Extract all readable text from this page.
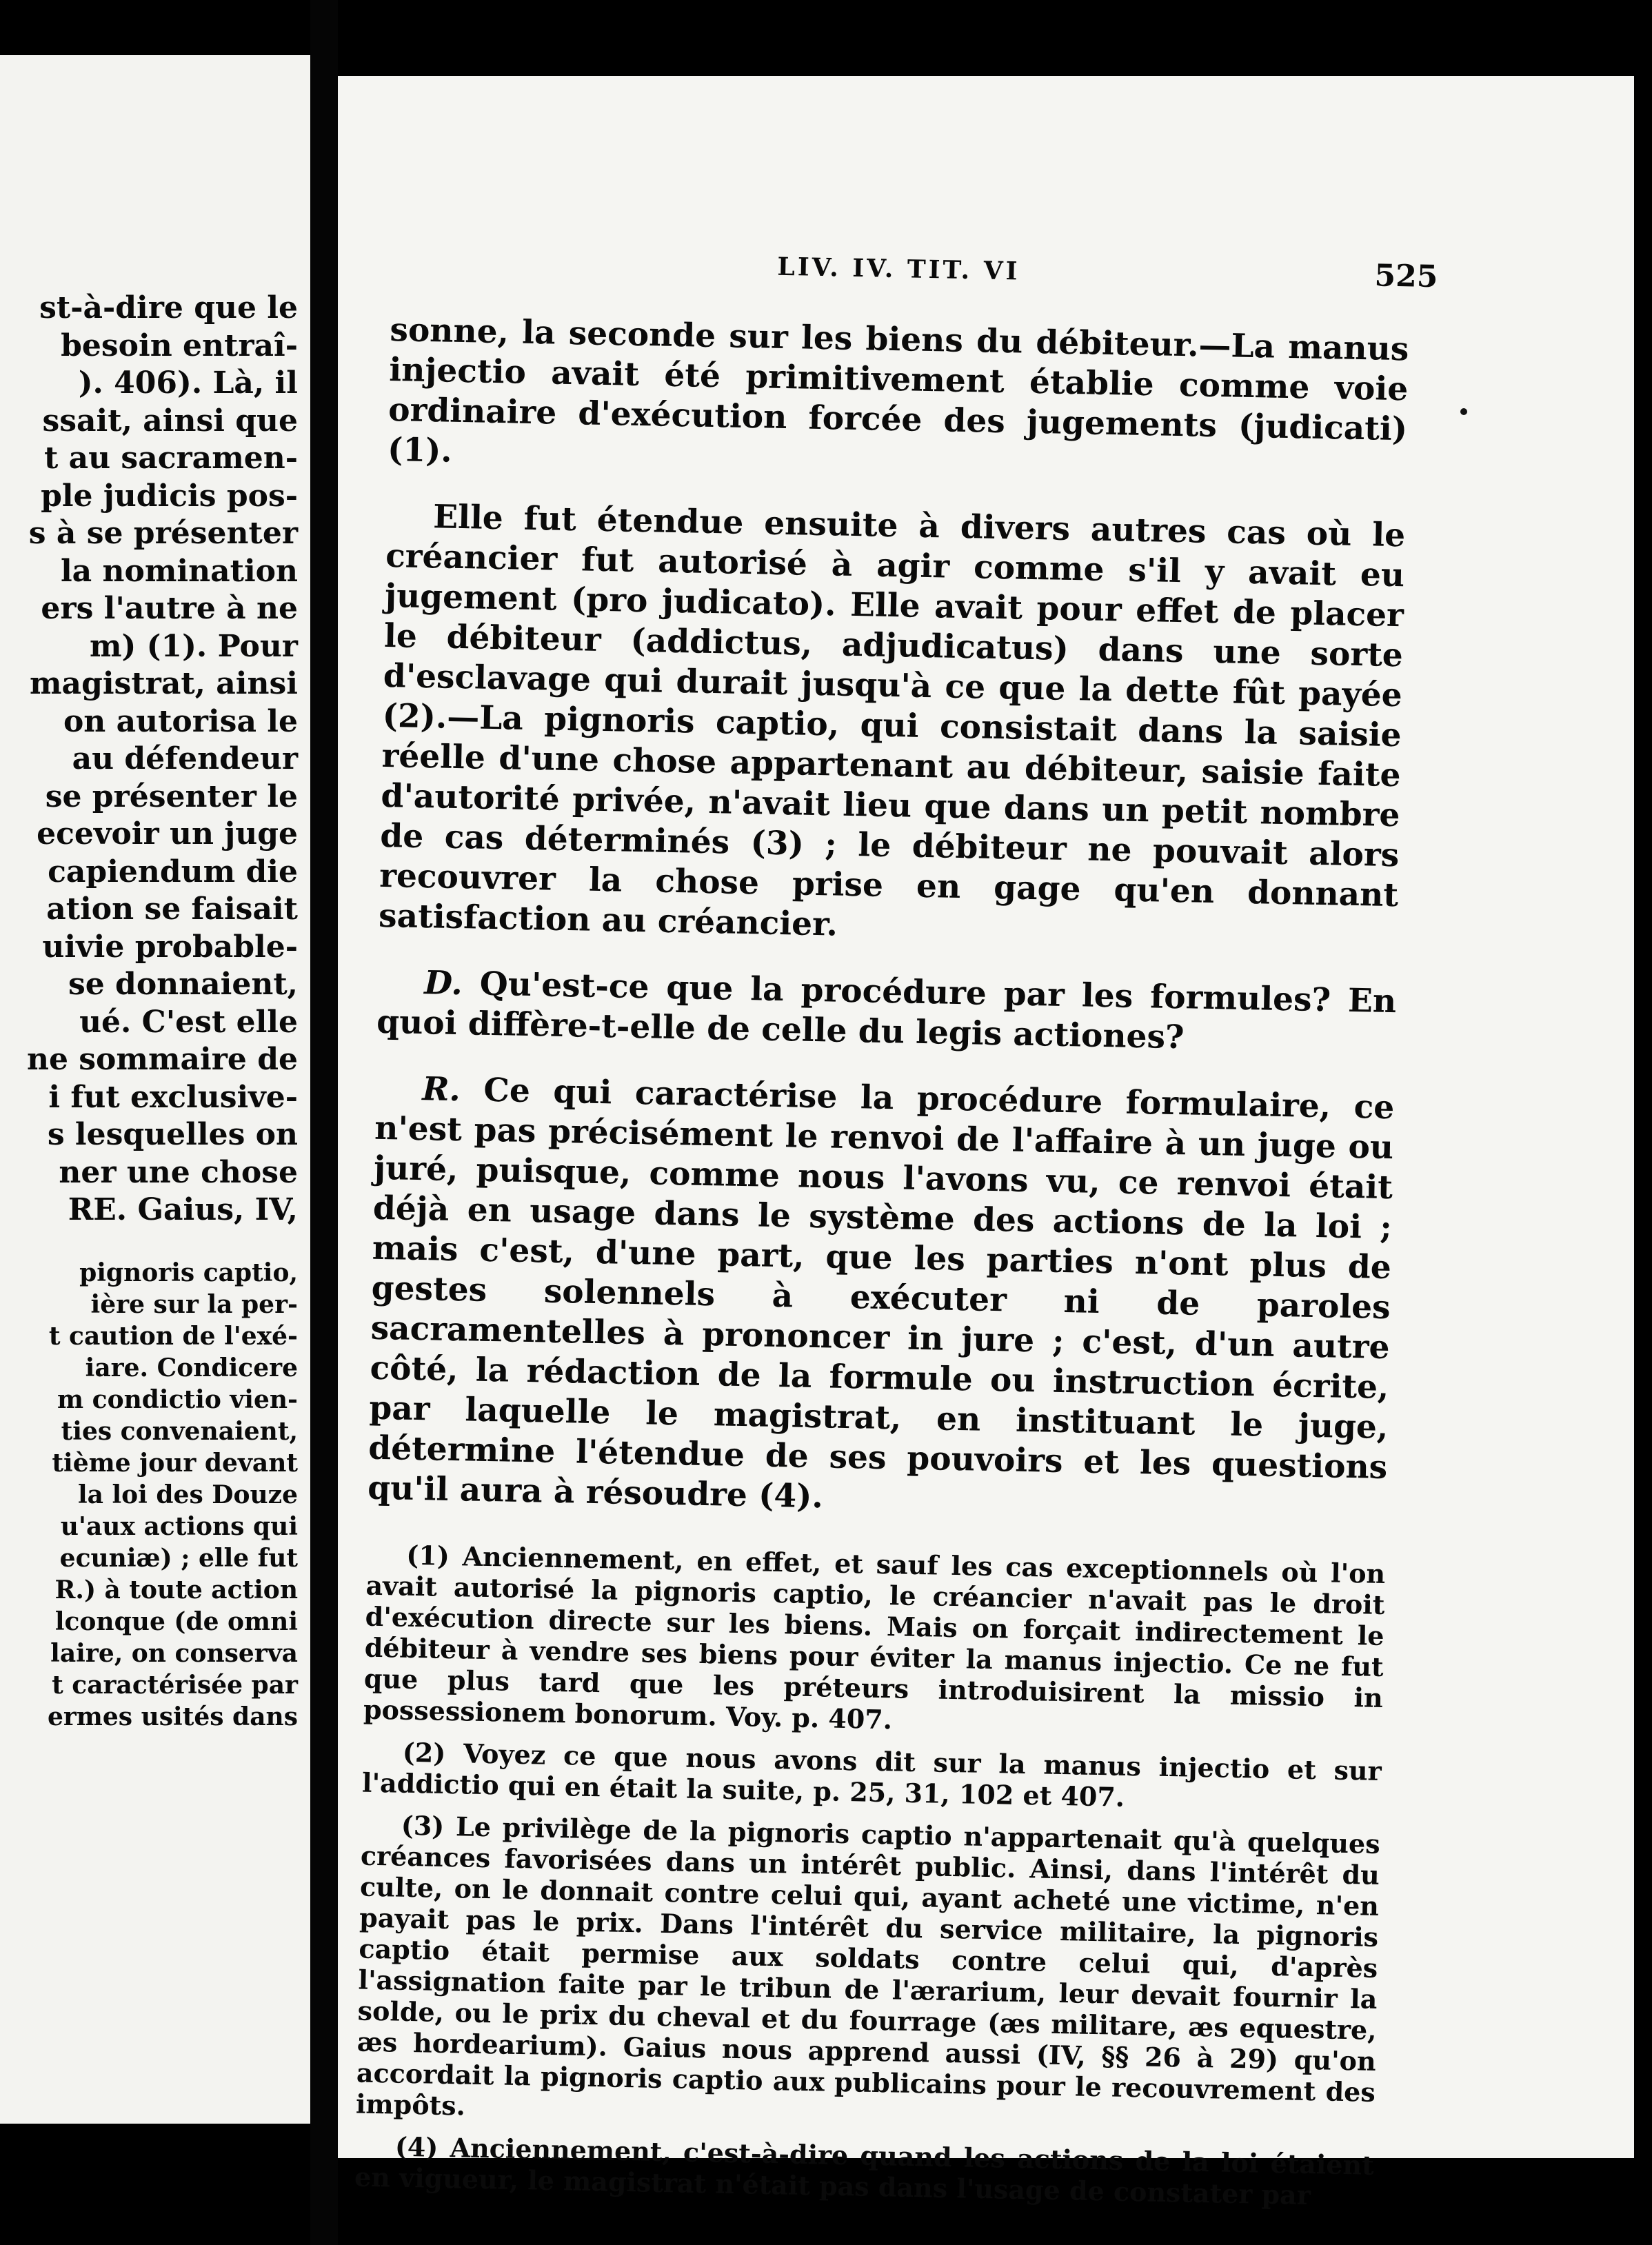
st-à-dire que le
besoin entraî-
). 406). Là, il
ssait, ainsi que
t au sacramen-
ple judicis pos-
s à se présenter
la nomination
ers l'autre à ne
m) (1). Pour
magistrat, ainsi
on autorisa le
au défendeur
se présenter le
ecevoir un juge
capiendum die
ation se faisait
uivie probable-
se donnaient,
ué. C'est elle
ne sommaire de
i fut exclusive-
s lesquelles on
ner une chose
RE. Gaius, IV,
pignoris captio,
ière sur la per-
t caution de l'exé-
iare. Condicere
m condictio vien-
ties convenaient,
tième jour devant
la loi des Douze
u'aux actions qui
ecuniæ) ; elle fut
R.) à toute action
lconque (de omni
laire, on conserva
t caractérisée par
ermes usités dans
LIV. IV. TIT. VI	525

sonne, la seconde sur les biens du débiteur.—La manus injectio avait été primitivement établie comme voie ordinaire d'exécution forcée des jugements (judicati) (1).

Elle fut étendue ensuite à divers autres cas où le créancier fut autorisé à agir comme s'il y avait eu jugement (pro judicato). Elle avait pour effet de placer le débiteur (addictus, adjudicatus) dans une sorte d'esclavage qui durait jusqu'à ce que la dette fût payée (2).—La pignoris captio, qui consistait dans la saisie réelle d'une chose appartenant au débiteur, saisie faite d'autorité privée, n'avait lieu que dans un petit nombre de cas déterminés (3) ; le débiteur ne pouvait alors recouvrer la chose prise en gage qu'en donnant satisfaction au créancier.

D. Qu'est-ce que la procédure par les formules? En quoi diffère-t-elle de celle du legis actiones?

R. Ce qui caractérise la procédure formulaire, ce n'est pas précisément le renvoi de l'affaire à un juge ou juré, puisque, comme nous l'avons vu, ce renvoi était déjà en usage dans le système des actions de la loi ; mais c'est, d'une part, que les parties n'ont plus de gestes solennels à exécuter ni de paroles sacramentelles à prononcer in jure ; c'est, d'un autre côté, la rédaction de la formule ou instruction écrite, par laquelle le magistrat, en instituant le juge, détermine l'étendue de ses pouvoirs et les questions qu'il aura à résoudre (4).

(1) Anciennement, en effet, et sauf les cas exceptionnels où l'on avait autorisé la pignoris captio, le créancier n'avait pas le droit d'exécution directe sur les biens. Mais on forçait indirectement le débiteur à vendre ses biens pour éviter la manus injectio. Ce ne fut que plus tard que les préteurs introduisirent la missio in possessionem bonorum. Voy. p. 407.

(2) Voyez ce que nous avons dit sur la manus injectio et sur l'addictio qui en était la suite, p. 25, 31, 102 et 407.

(3) Le privilège de la pignoris captio n'appartenait qu'à quelques créances favorisées dans un intérêt public. Ainsi, dans l'intérêt du culte, on le donnait contre celui qui, ayant acheté une victime, n'en payait pas le prix. Dans l'intérêt du service militaire, la pignoris captio était permise aux soldats contre celui qui, d'après l'assignation faite par le tribun de l'ærarium, leur devait fournir la solde, ou le prix du cheval et du fourrage (æs militare, æs equestre, æs hordearium). Gaius nous apprend aussi (IV, §§ 26 à 29) qu'on accordait la pignoris captio aux publicains pour le recouvrement des impôts.

(4) Anciennement, c'est-à-dire quand les actions de la loi étaient en vigueur, le magistrat n'était pas dans l'usage de constater par
